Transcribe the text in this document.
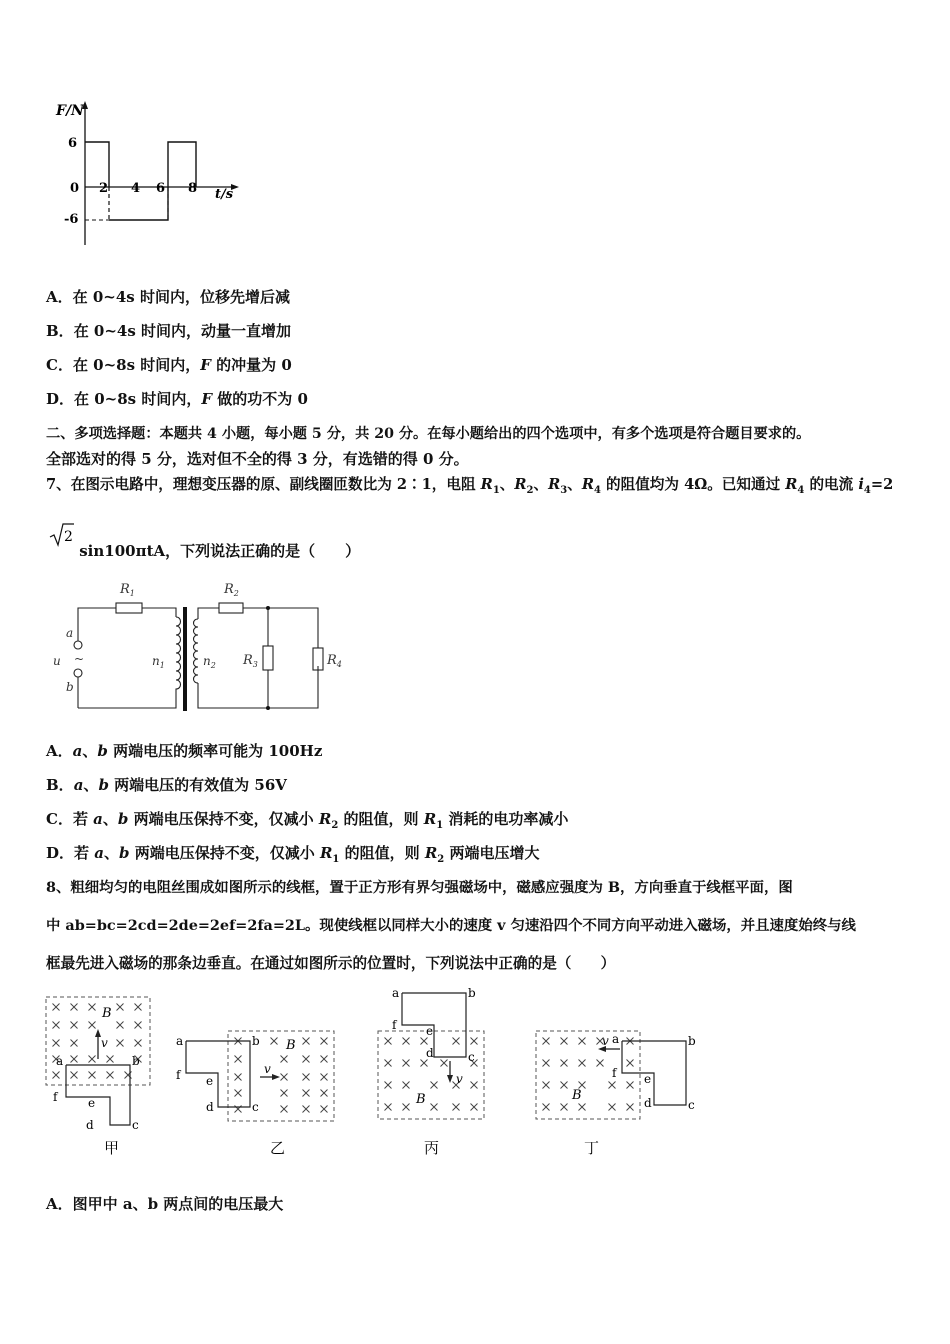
F/N
t/s
6
0
-6
2 4 6 8
A．在 0~4s 时间内，位移先增后减
B．在 0~4s 时间内，动量一直增加
C．在 0~8s 时间内，F 的冲量为 0
D．在 0~8s 时间内，F 做的功不为 0
二、多项选择题：本题共 4 小题，每小题 5 分，共 20 分。在每小题给出的四个选项中，有多个选项是符合题目要求的。
全部选对的得 5 分，选对但不全的得 3 分，有选错的得 0 分。
7、在图示电路中，理想变压器的原、副线圈匝数比为 2∶1，电阻 $R_1$、$R_2$、$R_3$、$R_4$ 的阻值均为 4Ω。已知通过 $R_4$ 的电流 $i_4=2$
2
sin100πtA，下列说法正确的是（　　）
$R_1$	$R_2$
$R_3$	$R_4$
$n_1$	$n_2$
a
b
u ~
A．a、b 两端电压的频率可能为 100Hz
B．a、b 两端电压的有效值为 56V
C．若 a、b 两端电压保持不变，仅减小 $R_2$ 的阻值，则 $R_1$ 消耗的电功率减小
D．若 a、b 两端电压保持不变，仅减小 $R_1$ 的阻值，则 $R_2$ 两端电压增大
8、粗细均匀的电阻丝围成如图所示的线框，置于正方形有界匀强磁场中，磁感应强度为 B，方向垂直于线框平面，图
中 ab=bc=2cd=2de=2ef=2fa=2L。现使线框以同样大小的速度 v 匀速沿四个不同方向平动进入磁场，并且速度始终与线
框最先进入磁场的那条边垂直。在通过如图所示的位置时，下列说法中正确的是（　　）
v
B
a	b
f	e
d	c
甲
v
B
a	b
f e
d	c
乙
v
B
a	b
f e
d	c
丙
v
B
a	b
f e
d	c
丁
A．图甲中 a、b 两点间的电压最大
